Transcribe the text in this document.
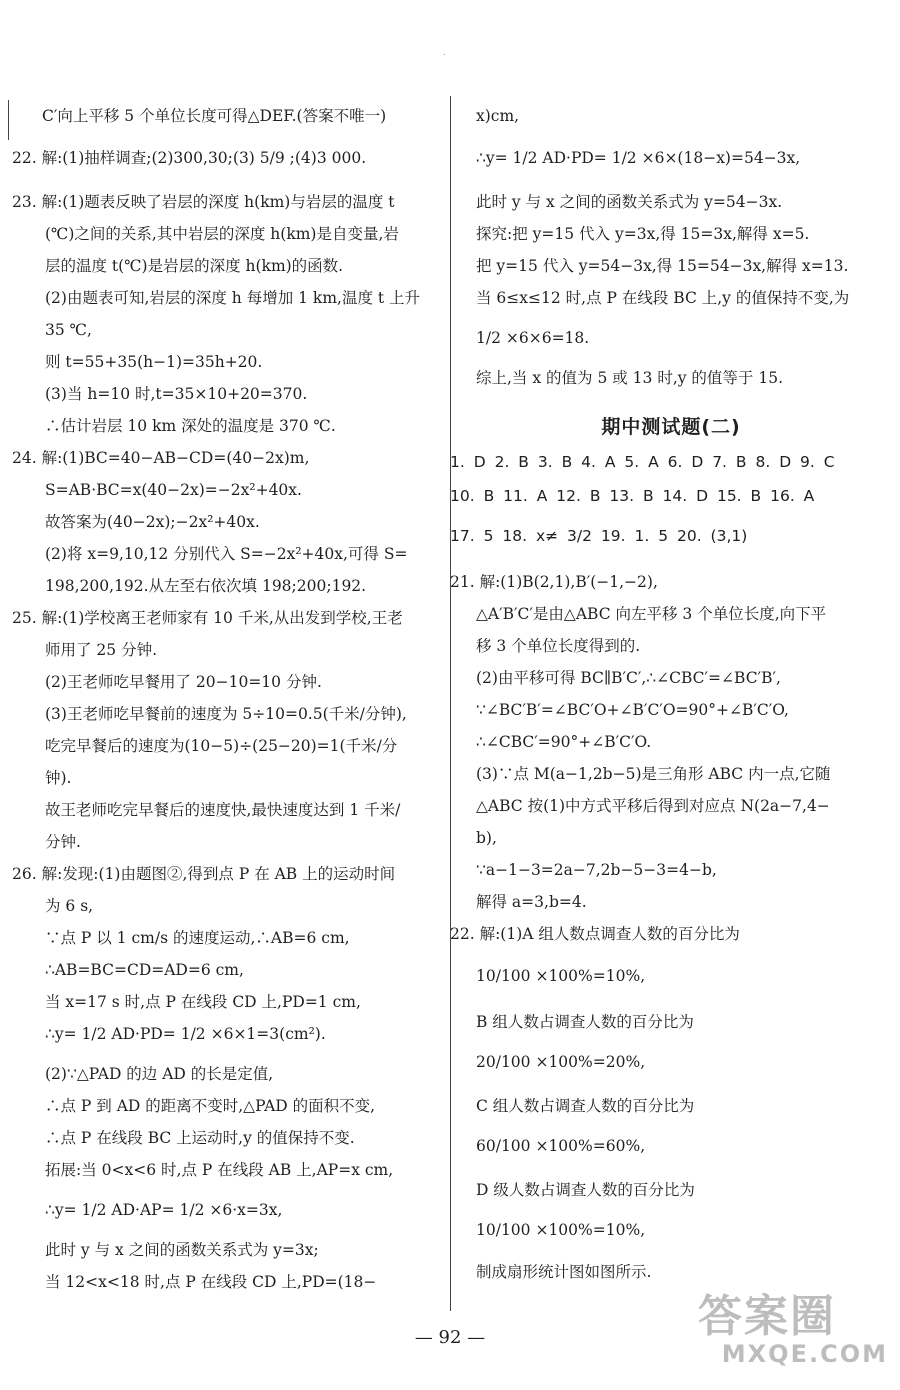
C′向上平移 5 个单位长度可得△DEF.(答案不唯一)
22. 解:(1)抽样调查;(2)300,30;(3) 5/9 ;(4)3 000.
23. 解:(1)题表反映了岩层的深度 h(km)与岩层的温度 t
(℃)之间的关系,其中岩层的深度 h(km)是自变量,岩
层的温度 t(℃)是岩层的深度 h(km)的函数.
(2)由题表可知,岩层的深度 h 每增加 1 km,温度 t 上升
35 ℃,
则 t=55+35(h−1)=35h+20.
(3)当 h=10 时,t=35×10+20=370.
∴估计岩层 10 km 深处的温度是 370 ℃.
24. 解:(1)BC=40−AB−CD=(40−2x)m,
S=AB·BC=x(40−2x)=−2x²+40x.
故答案为(40−2x);−2x²+40x.
(2)将 x=9,10,12 分别代入 S=−2x²+40x,可得 S=
198,200,192.从左至右依次填 198;200;192.
25. 解:(1)学校离王老师家有 10 千米,从出发到学校,王老
师用了 25 分钟.
(2)王老师吃早餐用了 20−10=10 分钟.
(3)王老师吃早餐前的速度为 5÷10=0.5(千米/分钟),
吃完早餐后的速度为(10−5)÷(25−20)=1(千米/分
钟).
故王老师吃完早餐后的速度快,最快速度达到 1 千米/
分钟.
26. 解:发现:(1)由题图②,得到点 P 在 AB 上的运动时间
为 6 s,
∵点 P 以 1 cm/s 的速度运动,∴AB=6 cm,
∴AB=BC=CD=AD=6 cm,
当 x=17 s 时,点 P 在线段 CD 上,PD=1 cm,
∴y= 1/2 AD·PD= 1/2 ×6×1=3(cm²).
(2)∵△PAD 的边 AD 的长是定值,
∴点 P 到 AD 的距离不变时,△PAD 的面积不变,
∴点 P 在线段 BC 上运动时,y 的值保持不变.
拓展:当 0<x<6 时,点 P 在线段 AB 上,AP=x cm,
∴y= 1/2 AD·AP= 1/2 ×6·x=3x,
此时 y 与 x 之间的函数关系式为 y=3x;
当 12<x<18 时,点 P 在线段 CD 上,PD=(18−
x)cm,
∴y= 1/2 AD·PD= 1/2 ×6×(18−x)=54−3x,
此时 y 与 x 之间的函数关系式为 y=54−3x.
探究:把 y=15 代入 y=3x,得 15=3x,解得 x=5.
把 y=15 代入 y=54−3x,得 15=54−3x,解得 x=13.
当 6≤x≤12 时,点 P 在线段 BC 上,y 的值保持不变,为
1/2 ×6×6=18.
综上,当 x 的值为 5 或 13 时,y 的值等于 15.
期中测试题(二)
1. D 2. B 3. B 4. A 5. A 6. D 7. B 8. D 9. C
10. B 11. A 12. B 13. B 14. D 15. B 16. A
17. 5 18. x≠ 3/2 19. 1. 5 20. (3,1)
21. 解:(1)B(2,1),B′(−1,−2),
△A′B′C′是由△ABC 向左平移 3 个单位长度,向下平
移 3 个单位长度得到的.
(2)由平移可得 BC∥B′C′,∴∠CBC′=∠BC′B′,
∵∠BC′B′=∠BC′O+∠B′C′O=90°+∠B′C′O,
∴∠CBC′=90°+∠B′C′O.
(3)∵点 M(a−1,2b−5)是三角形 ABC 内一点,它随
△ABC 按(1)中方式平移后得到对应点 N(2a−7,4−
b),
∵a−1−3=2a−7,2b−5−3=4−b,
解得 a=3,b=4.
22. 解:(1)A 组人数点调查人数的百分比为
10/100 ×100%=10%,
B 组人数占调查人数的百分比为
20/100 ×100%=20%,
C 组人数占调查人数的百分比为
60/100 ×100%=60%,
D 级人数占调查人数的百分比为
10/100 ×100%=10%,
制成扇形统计图如图所示.
— 92 —	答案圈
MXQE.COM
